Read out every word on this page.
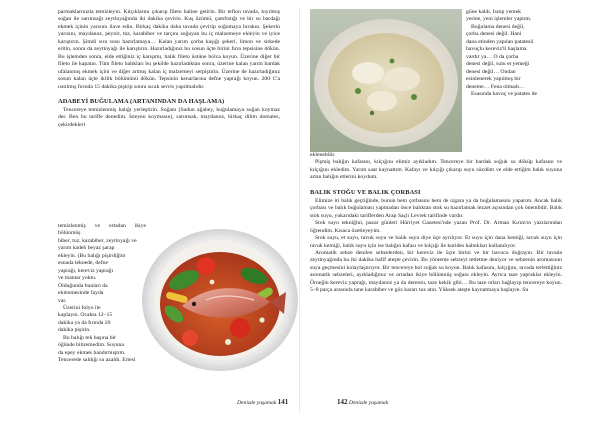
parmaklarınızla temizleyin. Kılçıklarını çıkarıp fileto haline getirin. Bir teflon tavada, kıyılmış soğan ile sarımsağı zeytinyağında iki dakika çevirin. Kuş üzümü, çamfıstığı ve bir su bardağı ekmek içinin yarısını ilave edin. Birkaç dakika daha tavada çevirip soğumaya bırakın. Şekerin yarısını, maydanoz, peynir, tuz, karabiber ve tarçını soğuyan bu iç malzemeye ekleyin ve iyice karıştırın. Şimdi sıra sosu hazırlamaya… Kalan yarım çorba kaşığı şekeri, limon ve sirkede eritin, sonra da zeytinyağı ile karıştırın. Hazırladığınız bu sosun üçte birini fırın tepsisine dökün. Bu işlemden sonra, elde ettiğiniz iç karışımı, balık fileto üstüne bolca koyun. Üzerine diğer bir fileto ile kapatın. Tüm fileto balıkları bu şekilde hazırladıktan sonra, üzerine kalan yarım bardak ufalanmış ekmek içini ve diğer artmış kalan iç malzemeyi serpiştirin. Üzerine de hazırladığınız sosun kalan üçte ikilik bölümünü dökün. Tepsinin kenarlarına defne yaprağı koyun. 200 C'a ısıtılmış fırında 15 dakika pişirip sonra sıcak servis yapılmalıdır.

ADABEYİ BUĞULAMA (ARTANINDAN DA HAŞLAMA)

Tencereye temizlenmiş balığı yerleştirin. Soğanı (Sadun ağabey, buğulamaya soğan koymaz der. Ben bu tarifle denedim. İsteyen koymasın), sarımsak, maydanoz, birkaç dilim domates, çekirdekleri

temizlenmiş ve ortadan ikiye bölünmüş
biber, tuz, karabiber, zeytinyağı ve
yarım kadeh beyaz şarap
ekleyin. (Bu balığı pişirdiğim
esnada teknede, defne
yaprağı, kereviz yaprağı
ve mantar yoktu.
Olduğunda bunları da
eklenmesinde fayda
var.
Üzerini folyo ile
kaplayın. Ocakta 12–15
dakika ya da fırında 20
dakika pişirin.
Bu balığı tek başına bir
öğünde bitiremedim. Suyuna
da epey ekmek bandırmıştım.
Tencerede saldığı su azaldı. Ertesi
Denizde yaşamak 141
güne kaldı. Isıtıp yemek
yerine, yeni işlemler yaptım.
Buğulama denesi değil,
çorba denesi değil. Hani
dana etinden yapılan patatesli
havuçlu kereviz'li haşlama
vardır ya… O da çorba
denesi değil, sulu et yemeği
denesi değil… Ondan
esinlenerek yapılmış bir
deneme… Fena olmadı…
Esasında havuç ve patates de

eklenebilir.

Pişmiş balığın kafasını, kılçığını elimiz ayıkladım. Tencereye bir bardak soğuk su döküp kafasını ve kılçığını ekledim. Yarım saat kaynattım. Kafayı ve kılçığı çıkarıp suyu süzdüm ve elde ettiğim balık suyuna artan balığın etlerini koydum.

BALIK STOĞU VE BALIK ÇORBASI

Elimize iri balık geçtiğinde, bunun hem çorbasını hem de ızgara ya da buğulamasını yaparım. Ancak balık çorbası ve balık buğulaması yapmadan önce balıktan stok su hazırlamak lezzet açısından çok önemlidir. Balık stok suyu, yukarıdaki tariflerden Arap Saçlı Levrek tarifinde vardır.

Stok suyu tekniğini, pazar günleri Hürriyet Gazetesi'nde yazan Prof. Dr. Arman Kırım'ın yazılarından öğrendim. Kısaca özetleyeyim.

Stok suyu, et suyu, tavuk suyu ve balık suyu diye üçe ayrılıyor. Et suyu için dana kemiği, tavuk suyu için tavuk kemiği, balık suyu için ise balığın kafası ve kılçığı ile kurides kabukları kullanılıyor.

Aromatik sebze denilen sebzelerden, bir kereviz ile üçte birini ve bir havucu doğrayın. Bir tavada zeytinyağında bu iki dakika hafif ateşte çevirin. Bu yönteme sebzeyi tetletme deniyor ve sebzenin aromasının suya geçmesini kolaylaştırıyor. Bir tencereye bol soğuk su koyun. Balık kafasını, kılçığını, tavada terlettiğiniz aromatik sebzeleri, ayıkladığınız ve ortadan ikiye bölünmüş soğanı ekleyin. Ayrıca taze yapraklar ekleyin. Örneğin kereviz yaprağı, maydanoz ya da dereotu, taze kekik gibi… Bu taze otları bağlayıp tencereye koyun. 5–8 parça arasında tane karabiber ve göz kararı tuz atın. Yüksek ateşte kaynatmaya başlayın. Su

142 Denizde yaşamak
